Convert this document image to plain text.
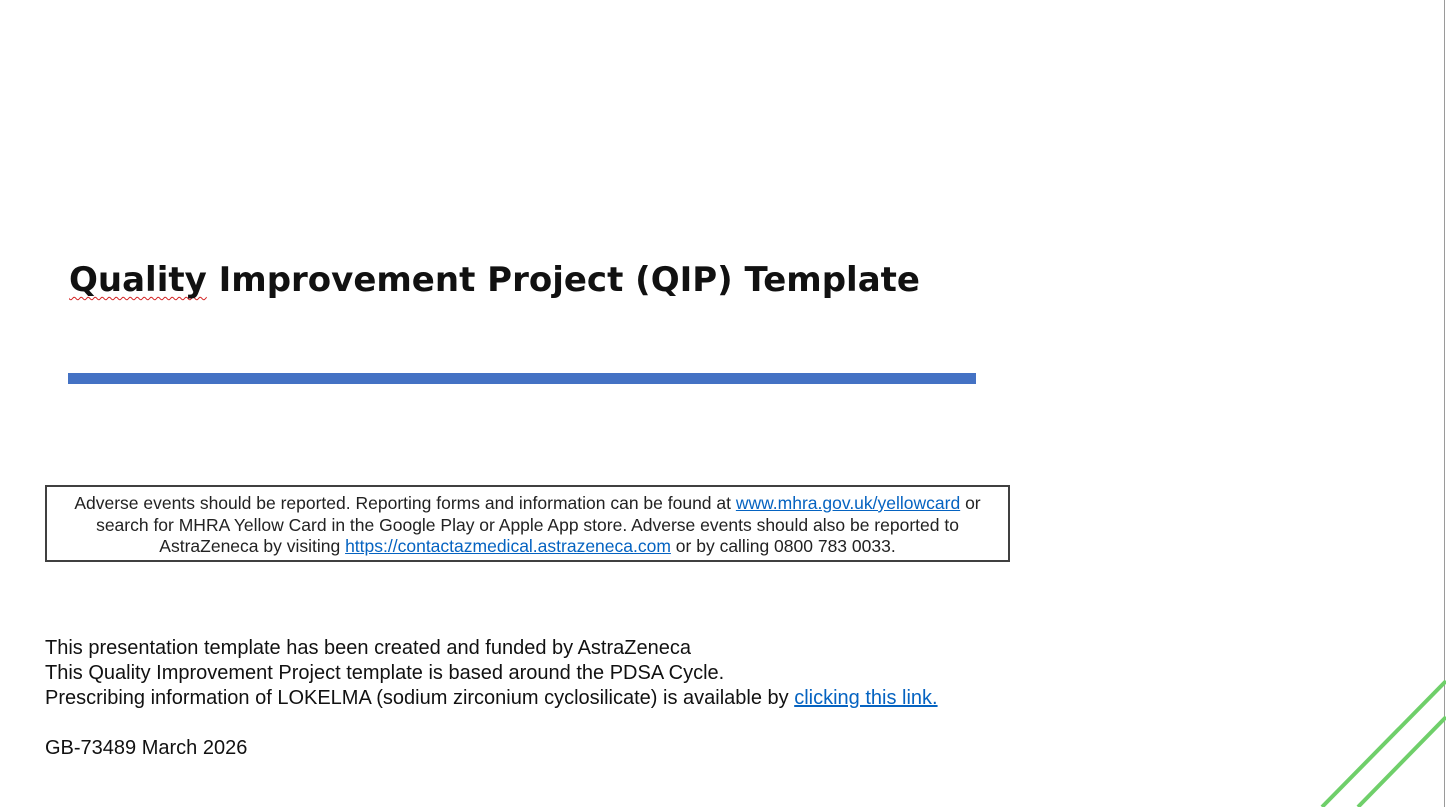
Quality Improvement Project (QIP) Template

Adverse events should be reported. Reporting forms and information can be found at www.mhra.gov.uk/yellowcard or search for MHRA Yellow Card in the Google Play or Apple App store. Adverse events should also be reported to AstraZeneca by visiting https://contactazmedical.astrazeneca.com or by calling 0800 783 0033.

This presentation template has been created and funded by AstraZeneca

This Quality Improvement Project template is based around the PDSA Cycle.

Prescribing information of LOKELMA (sodium zirconium cyclosilicate) is available by clicking this link.

GB-73489 March 2026
